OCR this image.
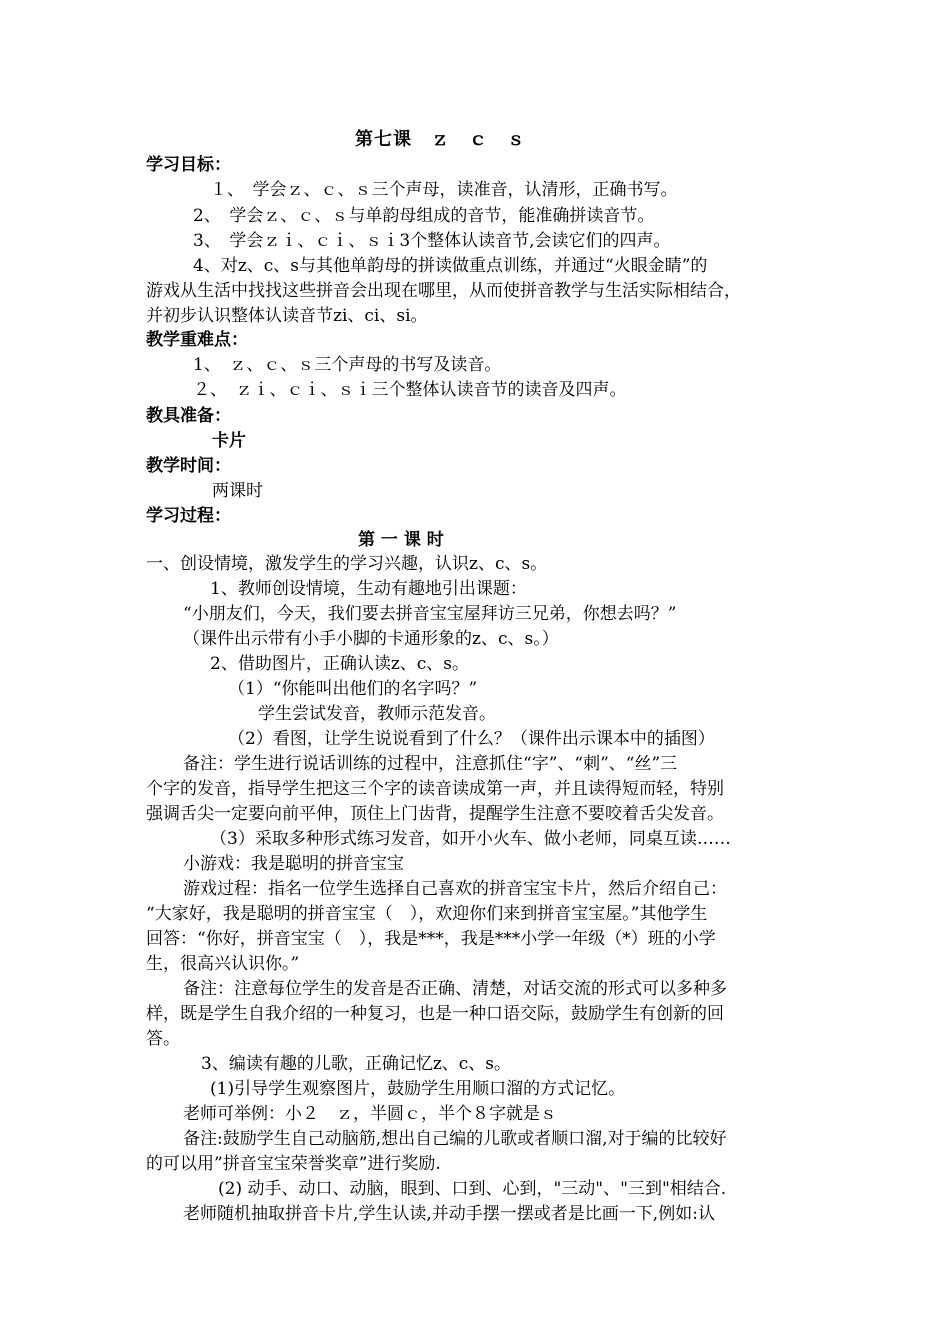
第七课　ｚ　ｃ　ｓ
学习目标：
１、　学会ｚ、ｃ、ｓ三个声母，读准音，认清形，正确书写。
2、　学会ｚ、ｃ、ｓ与单韵母组成的音节，能准确拼读音节。
3、　学会ｚｉ、ｃｉ、ｓｉ3个整体认读音节,会读它们的四声。
4、对z、c、s与其他单韵母的拼读做重点训练，并通过“火眼金睛”的
游戏从生活中找找这些拼音会出现在哪里，从而使拼音教学与生活实际相结合，
并初步认识整体认读音节zi、ci、si。
教学重难点：
1、　ｚ、ｃ、ｓ三个声母的书写及读音。
２、　ｚｉ、ｃｉ、ｓｉ三个整体认读音节的读音及四声。
教具准备：
卡片
教学时间：
两课时
学习过程：
第 一 课 时
一、创设情境，激发学生的学习兴趣，认识z、c、s。
1、教师创设情境，生动有趣地引出课题：
“小朋友们，今天，我们要去拼音宝宝屋拜访三兄弟，你想去吗？”
（课件出示带有小手小脚的卡通形象的z、c、s。）
2、借助图片，正确认读z、c、s。
（1）“你能叫出他们的名字吗？”
学生尝试发音，教师示范发音。
（2）看图，让学生说说看到了什么？（课件出示课本中的插图）
备注：学生进行说话训练的过程中，注意抓住“字”、“刺”、“丝”三
个字的发音，指导学生把这三个字的读音读成第一声，并且读得短而轻，特别
强调舌尖一定要向前平伸，顶住上门齿背，提醒学生注意不要咬着舌尖发音。
（3）采取多种形式练习发音，如开小火车、做小老师，同桌互读……
小游戏：我是聪明的拼音宝宝
游戏过程：指名一位学生选择自己喜欢的拼音宝宝卡片，然后介绍自己：
“大家好，我是聪明的拼音宝宝（　），欢迎你们来到拼音宝宝屋。”其他学生
回答：“你好，拼音宝宝（　），我是***，我是***小学一年级（*）班的小学
生，很高兴认识你。”
备注：注意每位学生的发音是否正确、清楚，对话交流的形式可以多种多
样，既是学生自我介绍的一种复习，也是一种口语交际，鼓励学生有创新的回
答。
3、编读有趣的儿歌，正确记忆z、c、s。
(1)引导学生观察图片，鼓励学生用顺口溜的方式记忆。
老师可举例：小２　ｚ，半圆ｃ，半个８字就是ｓ
备注:鼓励学生自己动脑筋,想出自己编的儿歌或者顺口溜,对于编的比较好
的可以用”拼音宝宝荣誉奖章”进行奖励.
(2) 动手、动口、动脑，眼到、口到、心到，"三动"、"三到"相结合.
老师随机抽取拼音卡片,学生认读,并动手摆一摆或者是比画一下,例如:认
